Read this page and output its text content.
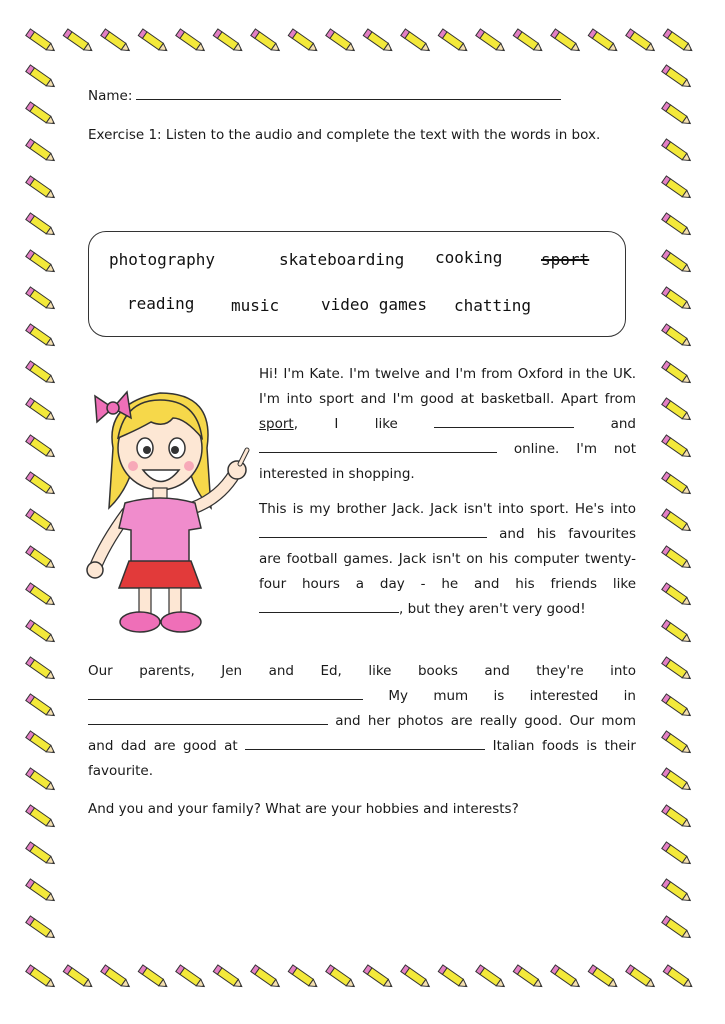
Name:
Exercise 1: Listen to the audio and complete the text with the words in box.
photography	skateboarding cooking sport
reading music	video games chatting
Hi! I'm Kate. I'm twelve and I'm from Oxford in the UK. I'm into sport and I'm good at basketball. Apart from sport, I like	and  online. I'm not interested in shopping.
This is my brother Jack. Jack isn't into sport. He's into  and his favourites are football games. Jack isn't on his computer twenty-four hours a day - he and his friends like, but they aren't very good!
Our parents, Jen and Ed, like books and they're into  My mum is interested in  and her photos are really good. Our mom and dad are good at	Italian foods is their favourite.
And you and your family? What are your hobbies and interests?
